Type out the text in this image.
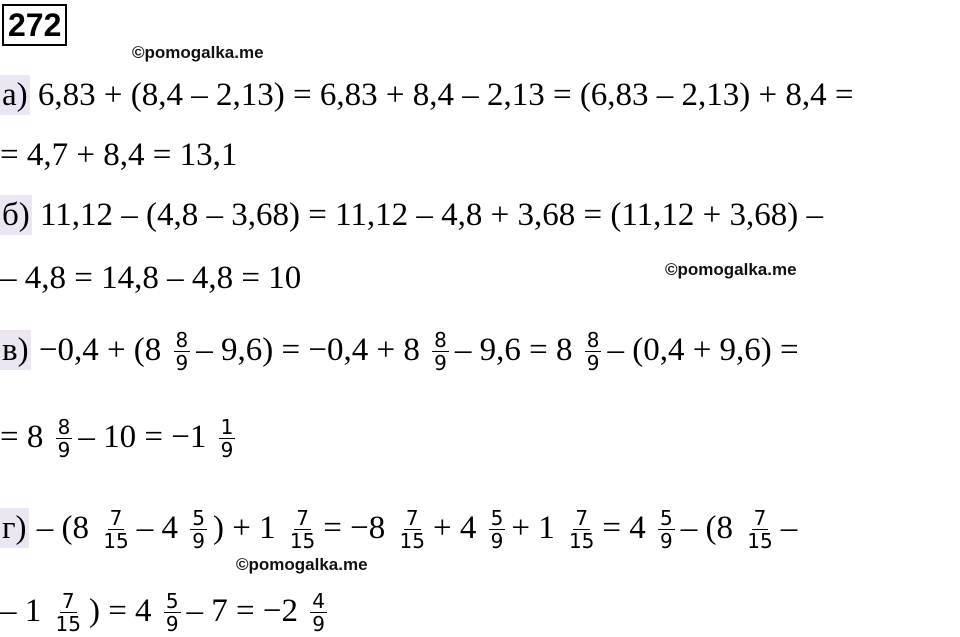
272
©pomogalka.me
©pomogalka.me
©pomogalka.me
а) 6,83 + (8,4 – 2,13) = 6,83 + 8,4 – 2,13 = (6,83 – 2,13) + 8,4 =
= 4,7 + 8,4 = 13,1
б) 11,12 – (4,8 – 3,68) = 11,12 – 4,8 + 3,68 = (11,12 + 3,68) –
– 4,8 = 14,8 – 4,8 = 10
$в) -0,4 + (8 \frac{8}{9} - 9,6) = -0,4 + 8 \frac{8}{9} - 9,6 = 8 \frac{8}{9} - (0,4 + 9,6)$ =
= $8 \frac{8}{9} - 10 = -1 \frac{1}{9}$
$г) - (8 \frac{7}{15} - 4 \frac{5}{9}$ ) + $1 \frac{7}{15} = -8 \frac{7}{15} + 4 \frac{5}{9} + 1 \frac{7}{15} = 4 \frac{5}{9} - (8 \frac{7}{15}$ –
– $1 \frac{7}{15}$ ) = $4 \frac{5}{9} - 7 = -2 \frac{4}{9}$
